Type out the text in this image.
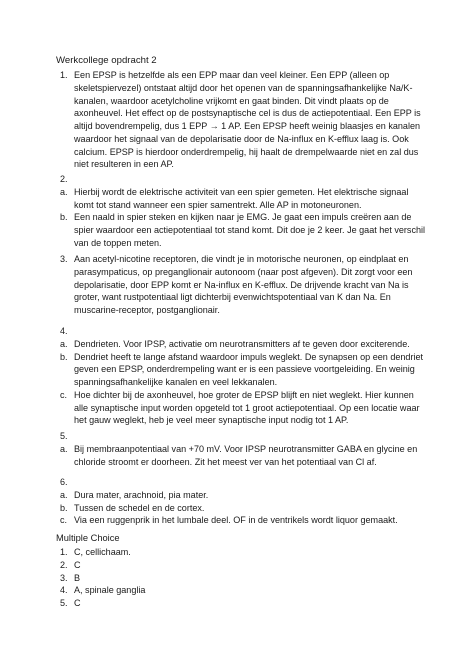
Werkcollege opdracht 2
1. Een EPSP is hetzelfde als een EPP maar dan veel kleiner. Een EPP (alleen op skeletspiervezel) ontstaat altijd door het openen van de spanningsafhankelijke Na/K-kanalen, waardoor acetylcholine vrijkomt en gaat binden. Dit vindt plaats op de axonheuvel. Het effect op de postsynaptische cel is dus de actiepotentiaal. Een EPP is altijd bovendrempelig, dus 1 EPP → 1 AP. Een EPSP heeft weinig blaasjes en kanalen waardoor het signaal van de depolarisatie door de Na-influx en K-efflux laag is. Ook calcium. EPSP is hierdoor onderdrempelig, hij haalt de drempelwaarde niet en zal dus niet resulteren in een AP.
2.

a. Hierbij wordt de elektrische activiteit van een spier gemeten. Het elektrische signaal komt tot stand wanneer een spier samentrekt. Alle AP in motoneuronen.
b. Een naald in spier steken en kijken naar je EMG. Je gaat een impuls creëren aan de spier waardoor een actiepotentiaal tot stand komt. Dit doe je 2 keer. Je gaat het verschil van de toppen meten.
3. Aan acetyl-nicotine receptoren, die vindt je in motorische neuronen, op eindplaat en parasympaticus, op preganglionair autonoom (naar post afgeven). Dit zorgt voor een depolarisatie, door EPP komt er Na-influx en K-efflux. De drijvende kracht van Na is groter, want rustpotentiaal ligt dichterbij evenwichtspotentiaal van K dan Na. En muscarine-receptor, postganglionair.
4.

a. Dendrieten. Voor IPSP, activatie om neurotransmitters af te geven door exciterende.
b. Dendriet heeft te lange afstand waardoor impuls weglekt. De synapsen op een dendriet geven een EPSP, onderdrempeling want er is een passieve voortgeleiding. En weinig spanningsafhankelijke kanalen en veel lekkanalen.
c. Hoe dichter bij de axonheuvel, hoe groter de EPSP blijft en niet weglekt. Hier kunnen alle synaptische input worden opgeteld tot 1 groot actiepotentiaal. Op een locatie waar het gauw weglekt, heb je veel meer synaptische input nodig tot 1 AP.
5.

a. Bij membraanpotentiaal van +70 mV. Voor IPSP neurotransmitter GABA en glycine en chloride stroomt er doorheen. Zit het meest ver van het potentiaal van Cl af.
6.

a. Dura mater, arachnoid, pia mater.
b. Tussen de schedel en de cortex.
c. Via een ruggenprik in het lumbale deel. OF in de ventrikels wordt liquor gemaakt.
Multiple Choice
1. C, cellichaam.
2. C
3. B
4. A, spinale ganglia
5. C
